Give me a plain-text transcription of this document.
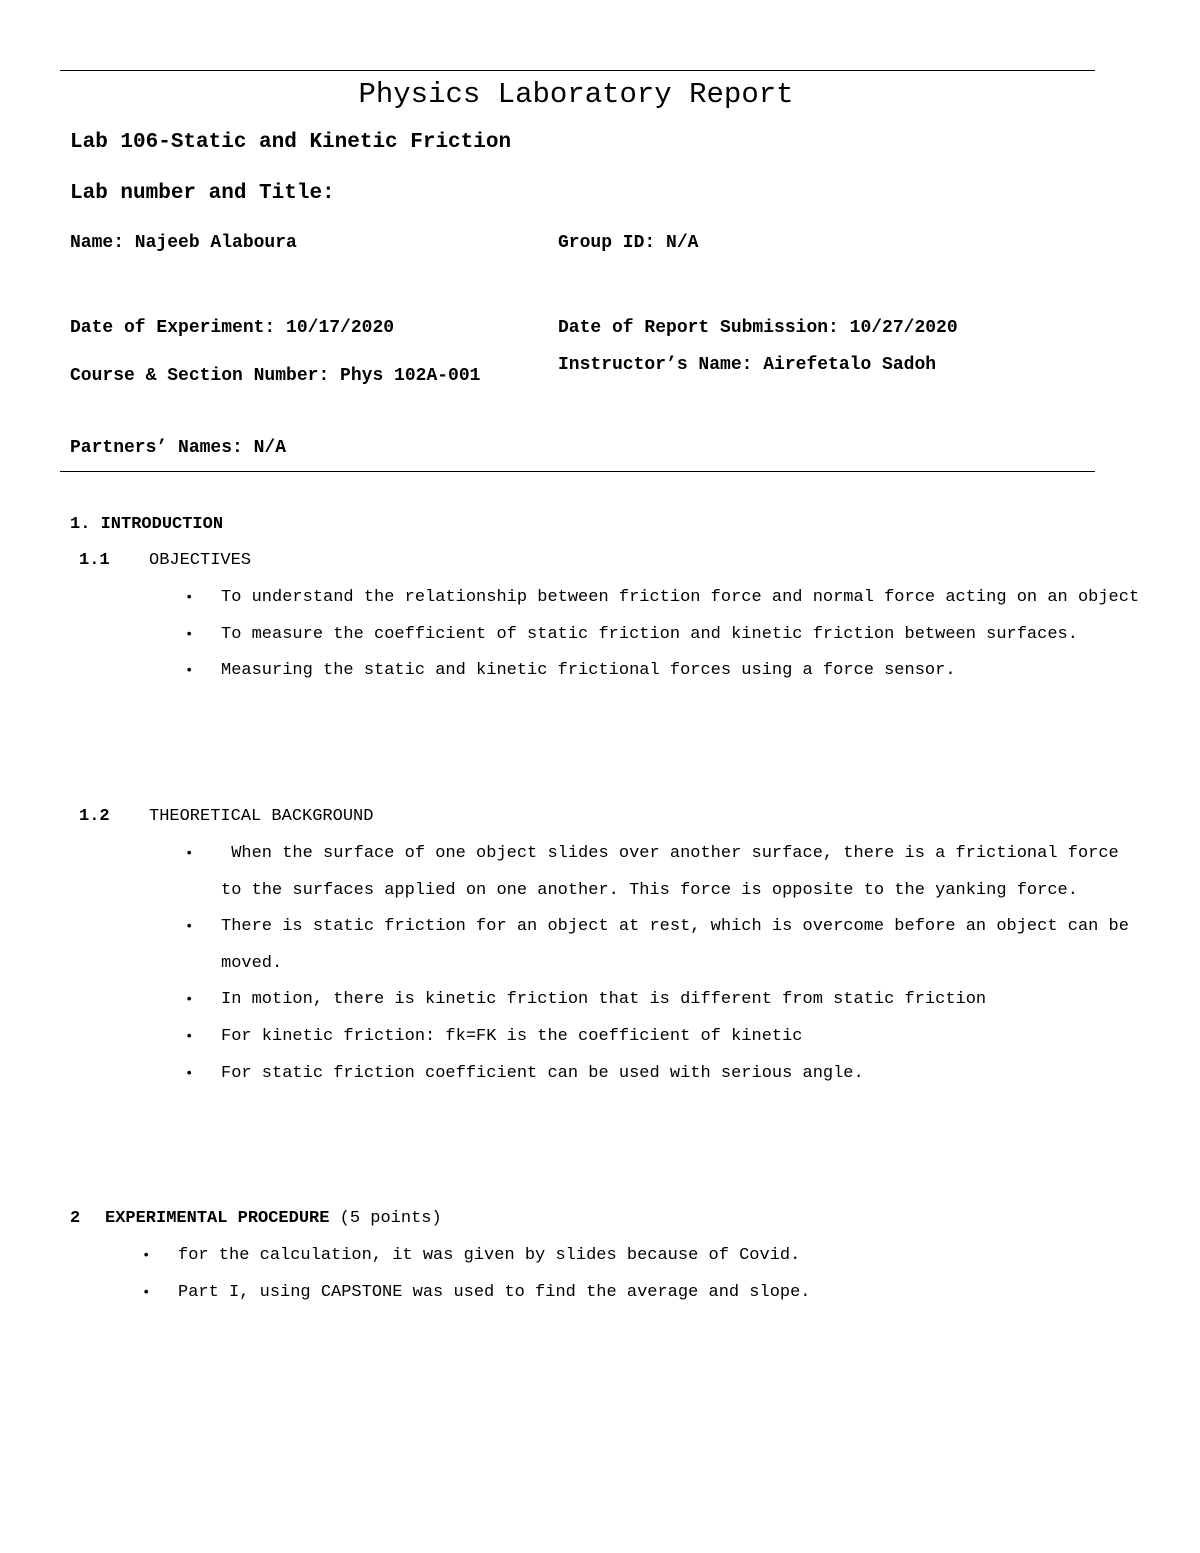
Physics Laboratory Report
Lab 106-Static and Kinetic Friction
Lab number and Title:
Name: Najeeb Alaboura	Group ID: N/A
Date of Experiment: 10/17/2020	Date of Report Submission: 10/27/2020
Course & Section Number: Phys 102A-001
Instructor’s Name: Airefetalo Sadoh
Partners’ Names: N/A
1. INTRODUCTION
1.1 OBJECTIVES
• To understand the relationship between friction force and normal force acting on an object
• To measure the coefficient of static friction and kinetic friction between surfaces.
• Measuring the static and kinetic frictional forces using a force sensor.
1.2 THEORETICAL BACKGROUND
• When the surface of one object slides over another surface, there is a frictional force to the surfaces applied on one another. This force is opposite to the yanking force.
• There is static friction for an object at rest, which is overcome before an object can be moved.
• In motion, there is kinetic friction that is different from static friction
• For kinetic friction: fk=FK is the coefficient of kinetic
• For static friction coefficient can be used with serious angle.
2 EXPERIMENTAL PROCEDURE (5 points)
• for the calculation, it was given by slides because of Covid.
• Part I, using CAPSTONE was used to find the average and slope.
